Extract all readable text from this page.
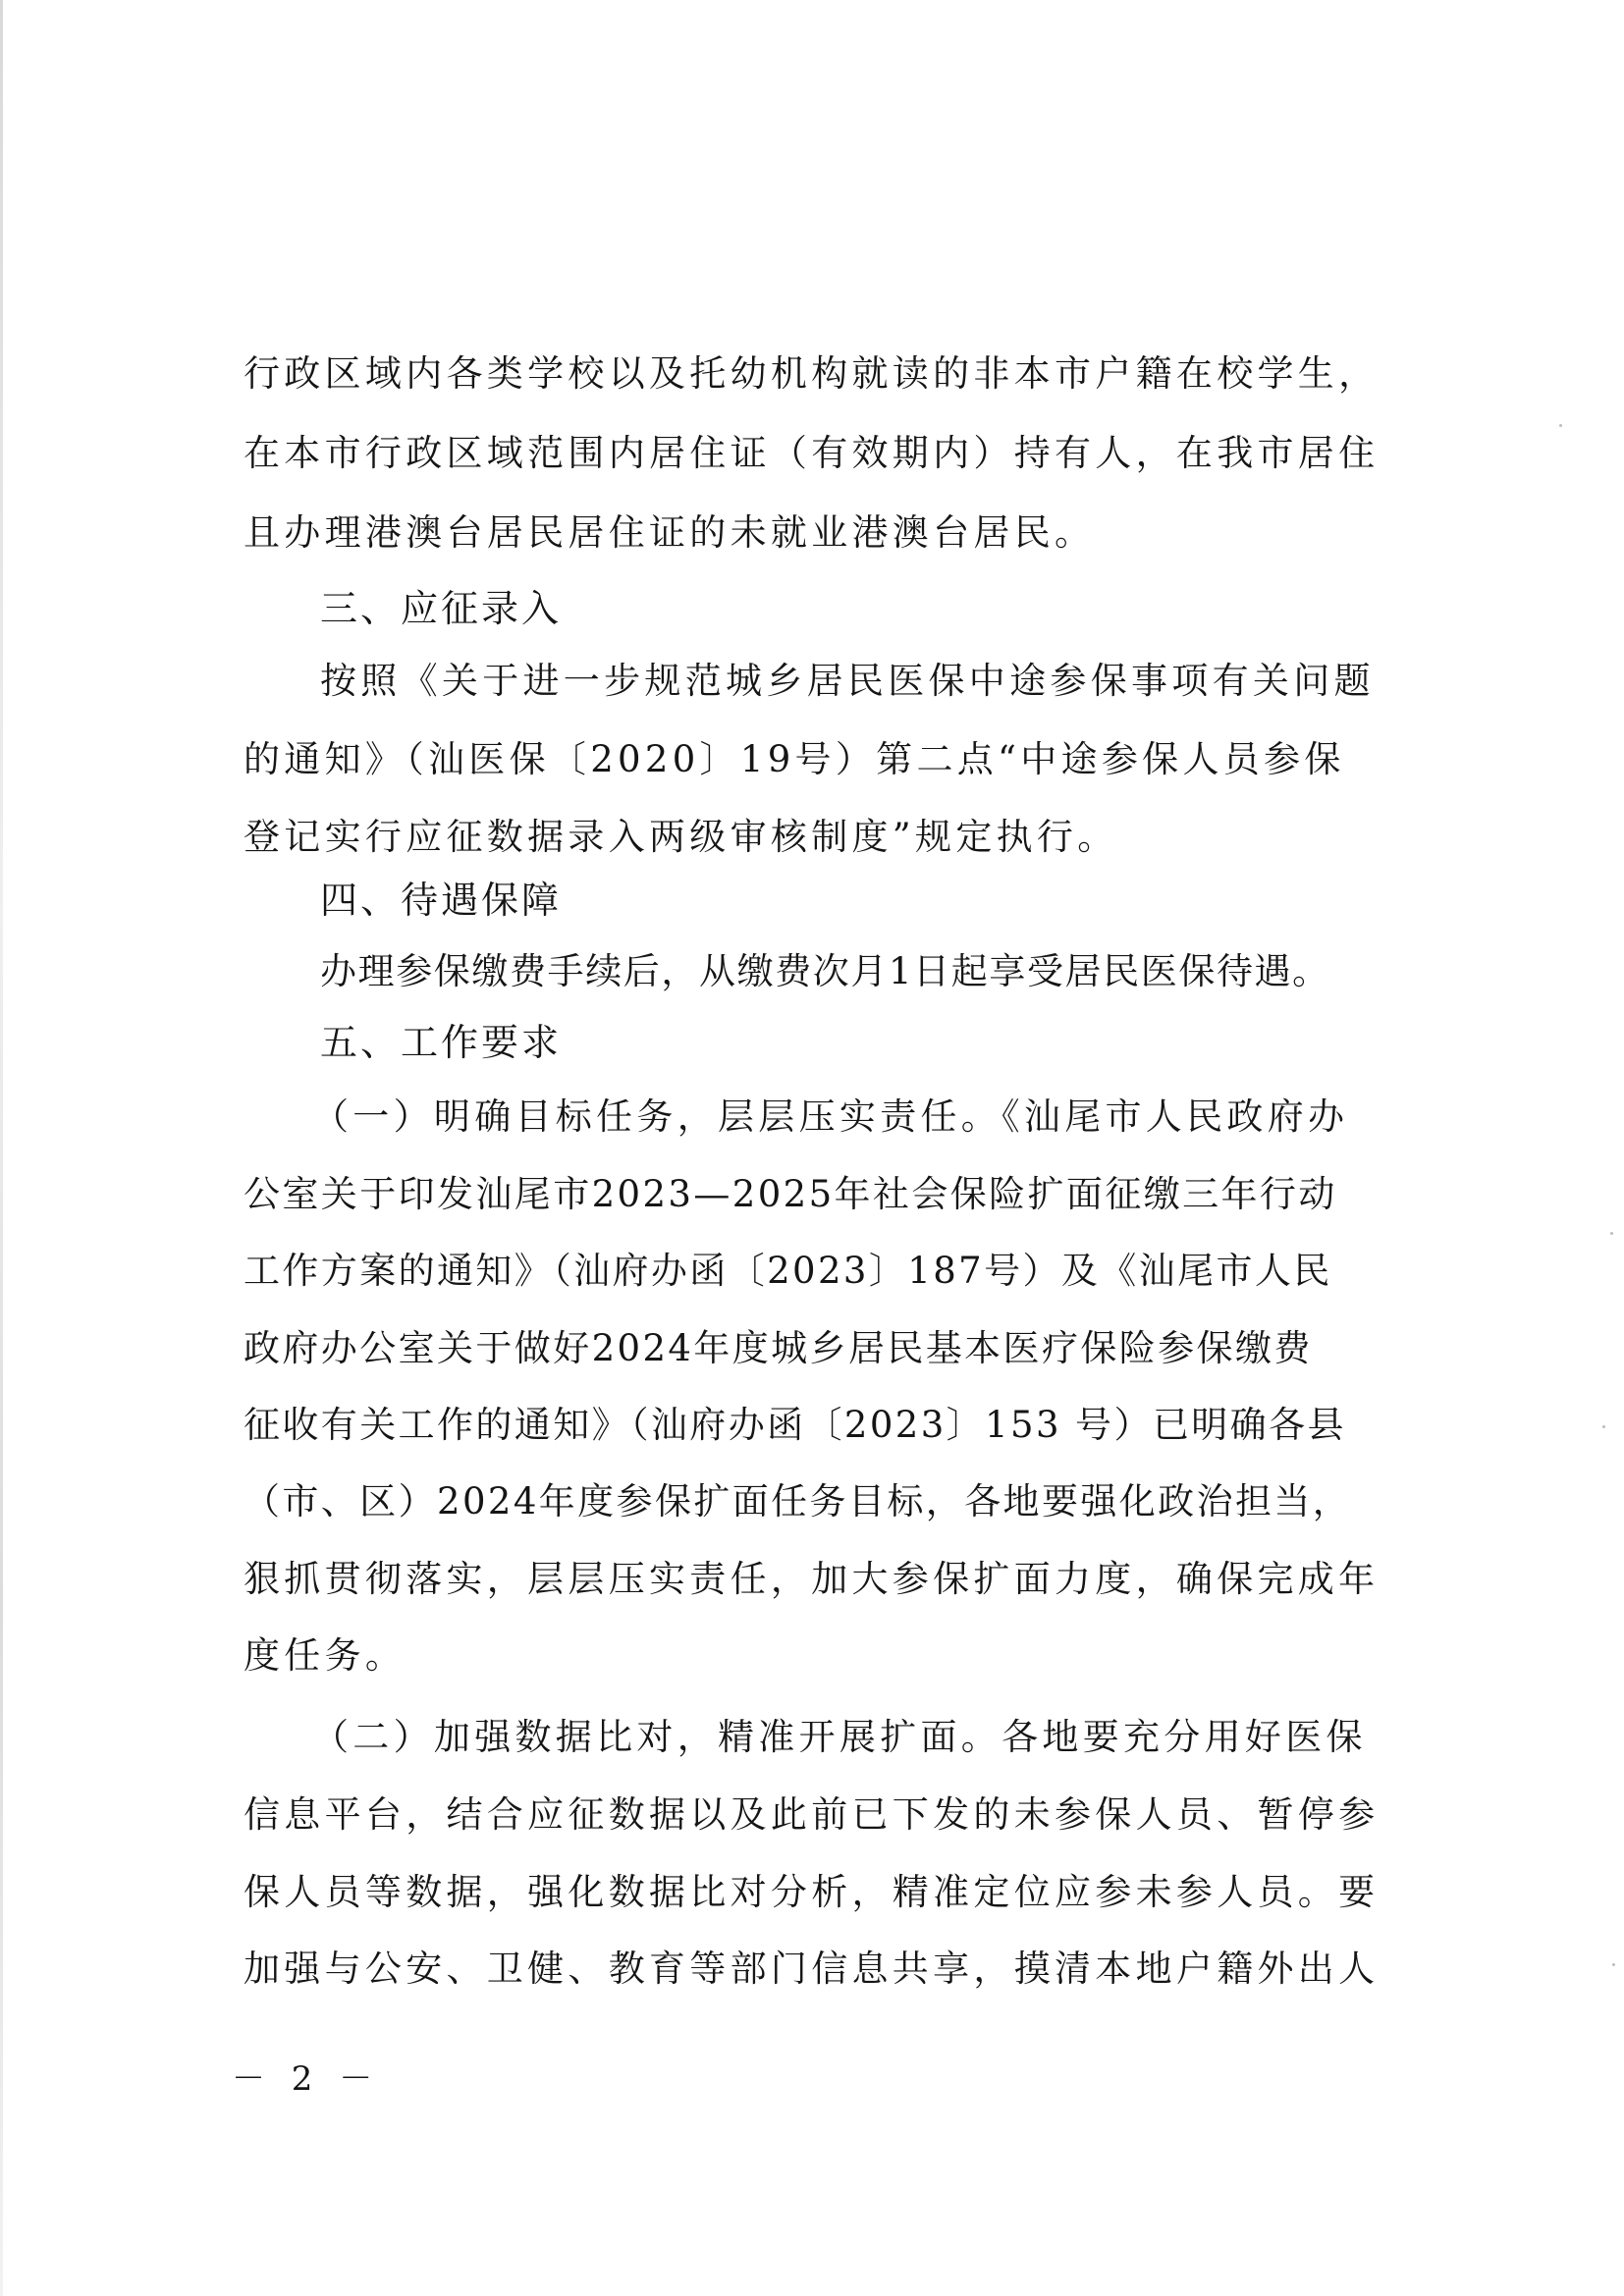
行政区域内各类学校以及托幼机构就读的非本市户籍在校学生，
在本市行政区域范围内居住证（有效期内）持有人，在我市居住
且办理港澳台居民居住证的未就业港澳台居民。
三、应征录入
按照《关于进一步规范城乡居民医保中途参保事项有关问题
的通知》（汕医保〔2020〕19号）第二点“中途参保人员参保
登记实行应征数据录入两级审核制度”规定执行。
四、待遇保障
办理参保缴费手续后，从缴费次月1日起享受居民医保待遇。
五、工作要求
（一）明确目标任务，层层压实责任。《汕尾市人民政府办
公室关于印发汕尾市2023—2025年社会保险扩面征缴三年行动
工作方案的通知》（汕府办函〔2023〕187号）及《汕尾市人民
政府办公室关于做好2024年度城乡居民基本医疗保险参保缴费
征收有关工作的通知》（汕府办函〔2023〕153 号）已明确各县
（市、区）2024年度参保扩面任务目标，各地要强化政治担当，
狠抓贯彻落实，层层压实责任，加大参保扩面力度，确保完成年
度任务。
（二）加强数据比对，精准开展扩面。各地要充分用好医保
信息平台，结合应征数据以及此前已下发的未参保人员、暂停参
保人员等数据，强化数据比对分析，精准定位应参未参人员。要
加强与公安、卫健、教育等部门信息共享，摸清本地户籍外出人
－ 2 －
